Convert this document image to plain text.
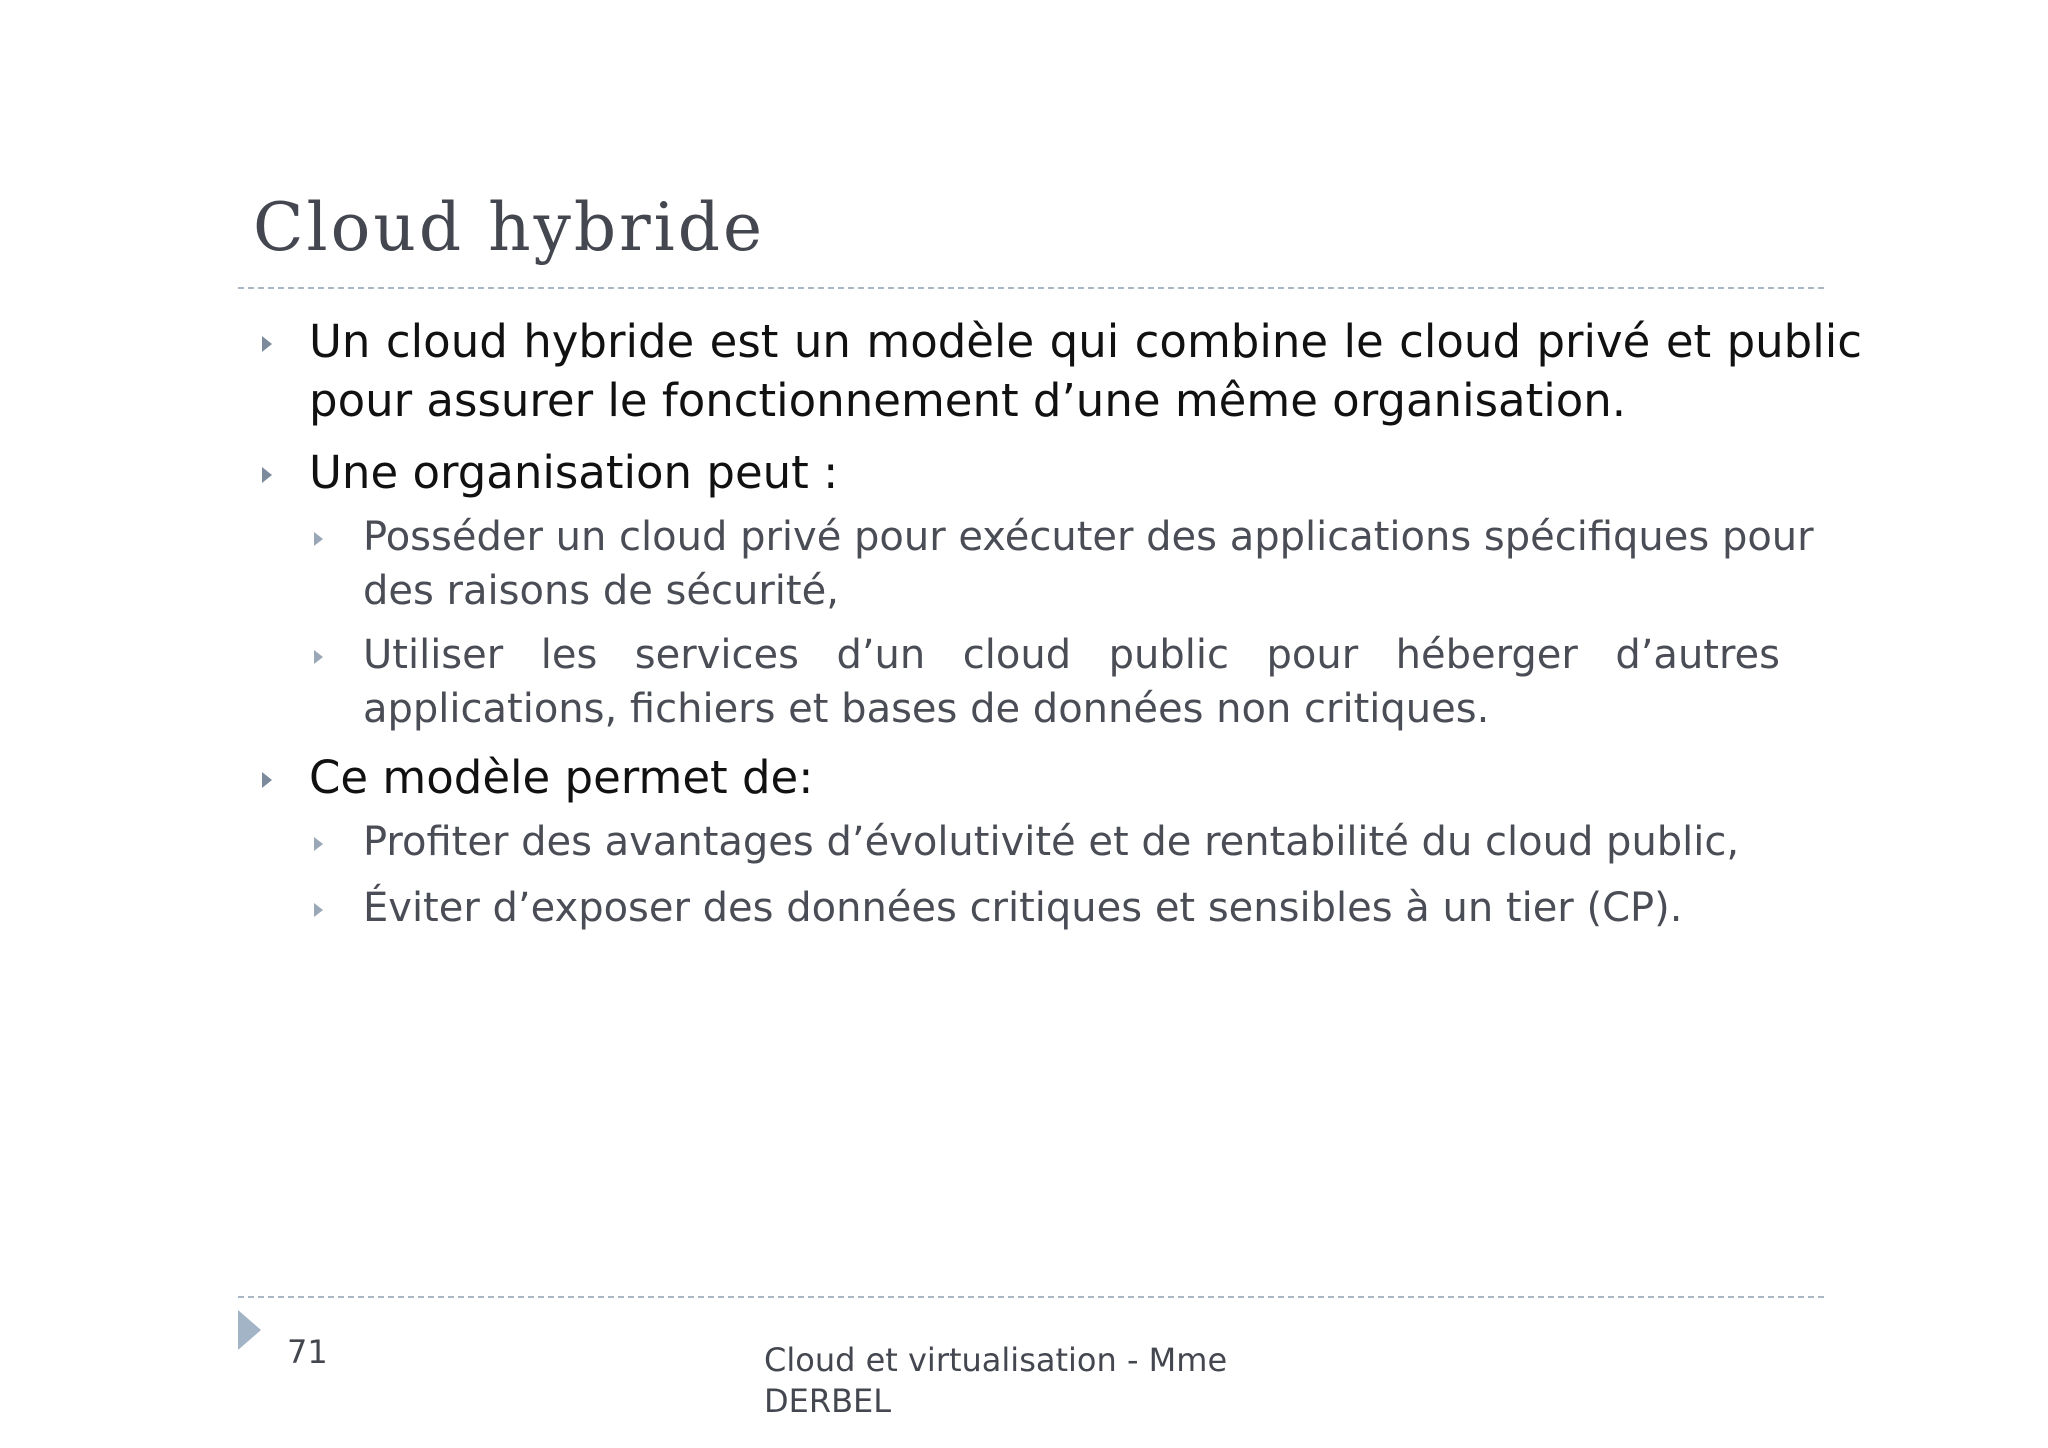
Cloud hybride
Un cloud hybride est un modèle qui combine le cloud privé et public pour assurer le fonctionnement d’une même organisation.
Une organisation peut :
Posséder un cloud privé pour exécuter des applications spécifiques pour des raisons de sécurité,
Utiliser les services d’un cloud public pour héberger d’autres applications, fichiers et bases de données non critiques.
Ce modèle permet de:
Profiter des avantages d’évolutivité et de rentabilité du cloud public,
Éviter d’exposer des données critiques et sensibles à un tier (CP).
71	Cloud et virtualisation - Mme DERBEL
